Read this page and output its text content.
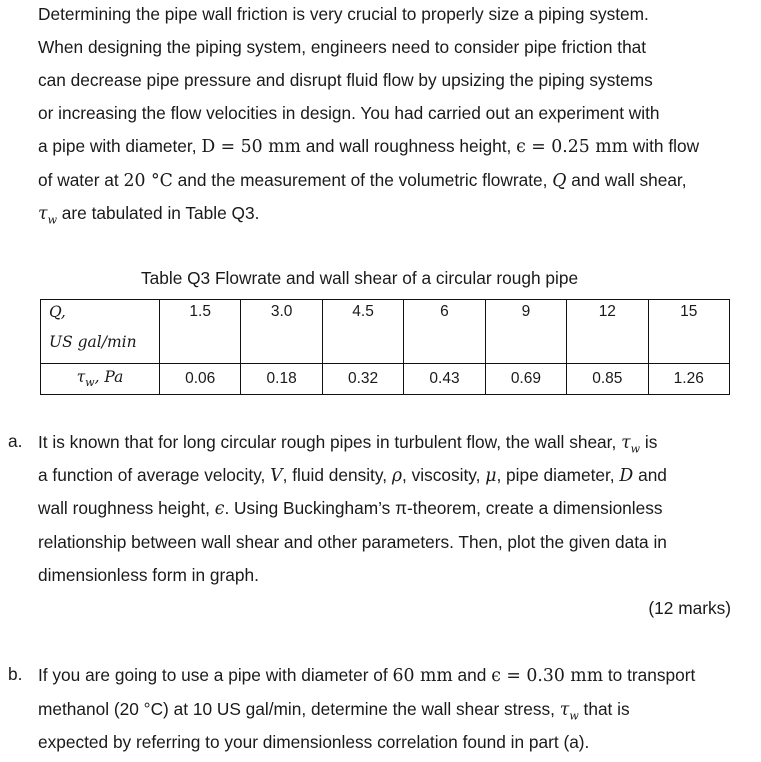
Determining the pipe wall friction is very crucial to properly size a piping system.
When designing the piping system, engineers need to consider pipe friction that
can decrease pipe pressure and disrupt fluid flow by upsizing the piping systems
or increasing the flow velocities in design. You had carried out an experiment with
a pipe with diameter, D = 50 mm and wall roughness height, ϵ = 0.25 mm with flow
of water at 20 °C and the measurement of the volumetric flowrate, Q and wall shear,
$\tau_w$ are tabulated in Table Q3.
Table Q3 Flowrate and wall shear of a circular rough pipe
Q,
US gal/min	1.5	3.0	4.5	6	9	12	15
$\tau_w$, Pa	0.06	0.18	0.32	0.43	0.69	0.85	1.26
a. It is known that for long circular rough pipes in turbulent flow, the wall shear, $\tau_w$ is
a function of average velocity, V, fluid density, ρ, viscosity, μ, pipe diameter, D and
wall roughness height, ϵ. Using Buckingham’s π-theorem, create a dimensionless
relationship between wall shear and other parameters. Then, plot the given data in
dimensionless form in graph.
(12 marks)
b. If you are going to use a pipe with diameter of 60 mm and ϵ = 0.30 mm to transport
methanol (20 °C) at 10 US gal/min, determine the wall shear stress, $\tau_w$ that is
expected by referring to your dimensionless correlation found in part (a).
